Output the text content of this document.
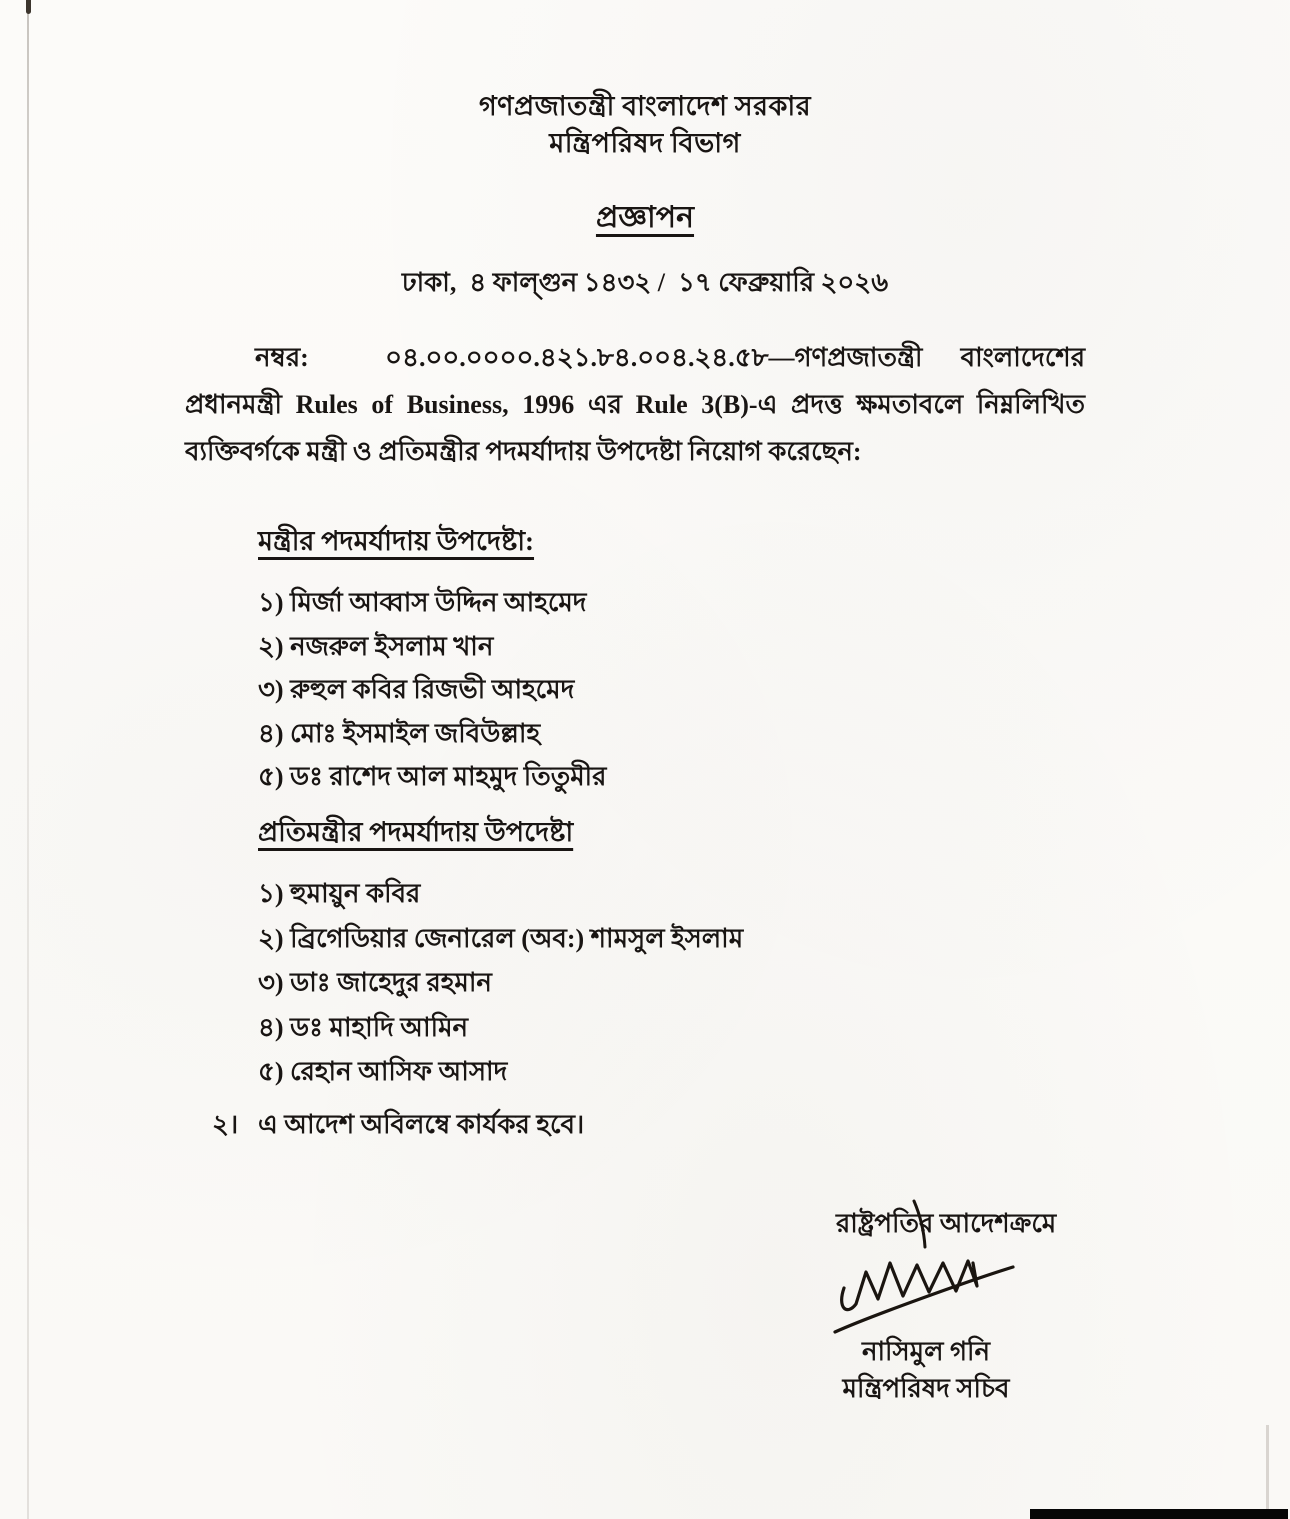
গণপ্রজাতন্ত্রী বাংলাদেশ সরকার
মন্ত্রিপরিষদ বিভাগ
প্রজ্ঞাপন
ঢাকা,  ৪ ফাল্গুন ১৪৩২ /  ১৭ ফেব্রুয়ারি ২০২৬

নম্বর:  ০৪.০০.০০০০.৪২১.৮৪.০০৪.২৪.৫৮—গণপ্রজাতন্ত্রী বাংলাদেশের প্রধানমন্ত্রী Rules of Business, 1996 এর Rule 3(B)-এ প্রদত্ত ক্ষমতাবলে নিম্নলিখিত ব্যক্তিবর্গকে মন্ত্রী ও প্রতিমন্ত্রীর পদমর্যাদায় উপদেষ্টা নিয়োগ করেছেন:

মন্ত্রীর পদমর্যাদায় উপদেষ্টা:
১) মির্জা আব্বাস উদ্দিন আহমেদ
২) নজরুল ইসলাম খান
৩) রুহুল কবির রিজভী আহমেদ
৪) মোঃ ইসমাইল জবিউল্লাহ
৫) ডঃ রাশেদ আল মাহমুদ তিতুমীর
প্রতিমন্ত্রীর পদমর্যাদায় উপদেষ্টা
১) হুমায়ুন কবির
২) ব্রিগেডিয়ার জেনারেল (অব:) শামসুল ইসলাম
৩) ডাঃ জাহেদুর রহমান
৪) ডঃ মাহাদি আমিন
৫) রেহান আসিফ আসাদ
২। এ আদেশ অবিলম্বে কার্যকর হবে।
রাষ্ট্রপতির আদেশক্রমে
নাসিমুল গনি
মন্ত্রিপরিষদ সচিব
